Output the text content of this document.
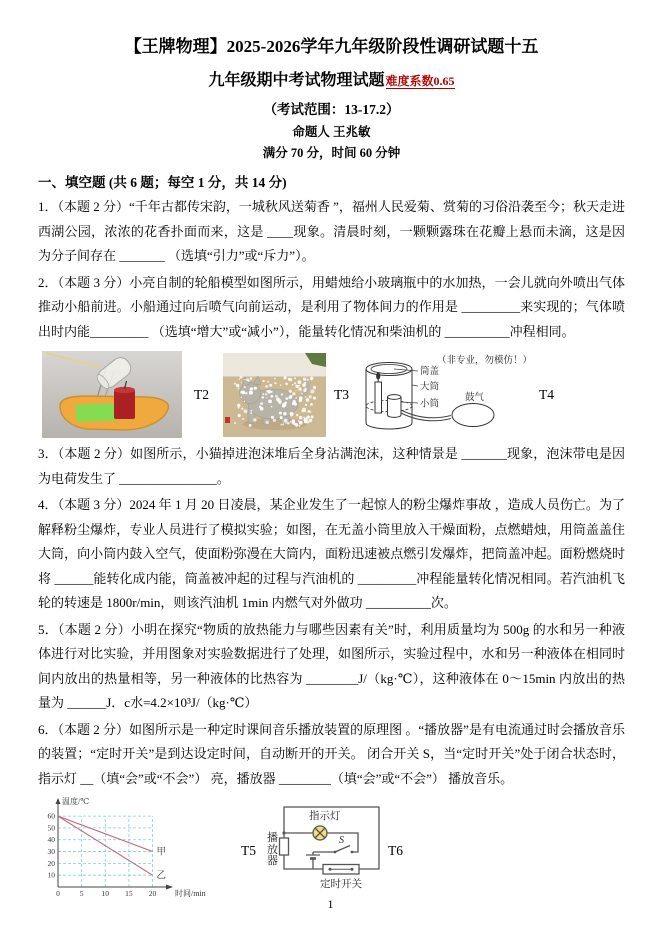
【王牌物理】2025-2026学年九年级阶段性调研试题十五
九年级期中考试物理试题难度系数0.65
（考试范围：13-17.2）
命题人 王兆敏
满分 70 分，时间 60 分钟
一、填空题 (共 6 题；每空 1 分，共 14 分)

1．（本题 2 分）“千年古都传宋韵，一城秋风送菊香 ”，福州人民爱菊、赏菊的习俗沿袭至今；秋天走进西湖公园，浓浓的花香扑面而来，这是 ____现象。清晨时刻，一颗颗露珠在花瓣上悬而未滴，这是因为分子间存在 _______ （选填“引力”或“斥力”）。

2．（本题 3 分）小亮自制的轮船模型如图所示，用蜡烛给小玻璃瓶中的水加热，一会儿就向外喷出气体推动小船前进。小船通过向后喷气向前运动，是利用了物体间力的作用是 _________来实现的；气体喷出时内能_________ （选填“增大”或“减小”），能量转化情况和柴油机的 __________冲程相同。

T2	T3
（非专业，勿模仿！）
筒盖
大筒
小筒
鼓气	T4

3．（本题 2 分）如图所示，小猫掉进泡沫堆后全身沾满泡沫，这种情景是 _______现象，泡沫带电是因为电荷发生了 _______________。

4．（本题 3 分）2024 年 1 月 20 日凌晨，某企业发生了一起惊人的粉尘爆炸事故 ，造成人员伤亡。为了解释粉尘爆炸，专业人员进行了模拟实验；如图，在无盖小筒里放入干燥面粉，点燃蜡烛，用筒盖盖住大筒，向小筒内鼓入空气，使面粉弥漫在大筒内，面粉迅速被点燃引发爆炸，把筒盖冲起。面粉燃烧时将 ______能转化成内能，筒盖被冲起的过程与汽油机的 _________冲程能量转化情况相同。若汽油机飞轮的转速是 1800r/min，则该汽油机 1min 内燃气对外做功 __________次。

5．（本题 2 分）小明在探究“物质的放热能力与哪些因素有关”时，利用质量均为 500g 的水和另一种液体进行对比实验，并用图象对实验数据进行了处理，如图所示，实验过程中，水和另一种液体在相同时间内放出的热量相等，另一种液体的比热容为 ________J/（kg·℃），这种液体在 0～15min 内放出的热量为 ______J．c水=4.2×10³J/（kg·℃）

6．（本题 2 分）如图所示是一种定时课间音乐播放装置的原理图 。“播放器”是有电流通过时会播放音乐的装置；“定时开关”是到达设定时间，自动断开的开关。 闭合开关 S，当“定时开关”处于闭合状态时，指示灯 __（填“会”或“不会”） 亮，播放器 ________（填“会”或“不会”） 播放音乐。

10
20
30
40
50
60
0	5 10 15 20
甲
乙
温度/℃
时间/min
T5
指示灯
S
定时开关
播放器
T6
1
